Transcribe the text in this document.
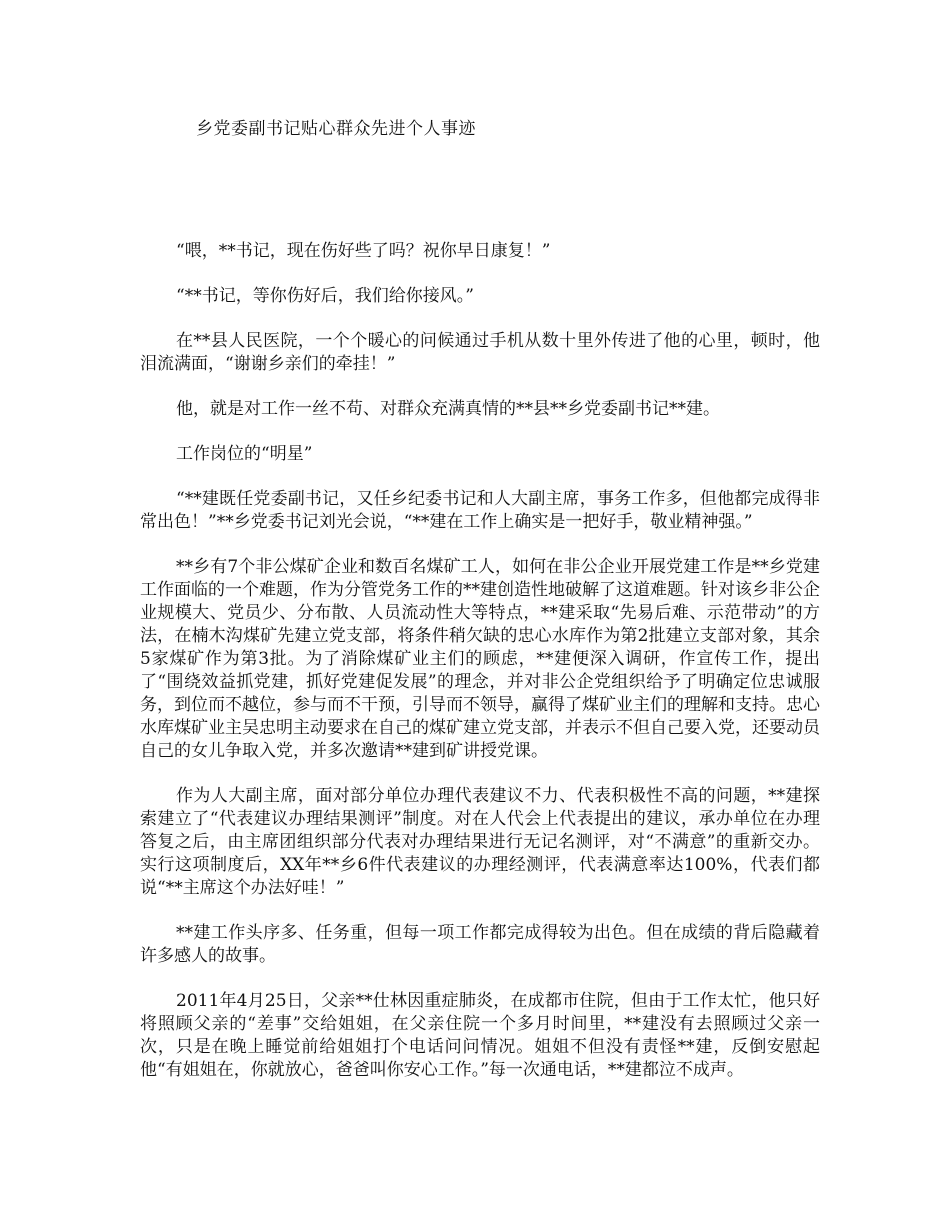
乡党委副书记贴心群众先进个人事迹

“喂，**书记，现在伤好些了吗？祝你早日康复！”

“**书记，等你伤好后，我们给你接风。”

在**县人民医院，一个个暖心的问候通过手机从数十里外传进了他的心里，顿时，他泪流满面，“谢谢乡亲们的牵挂！”

他，就是对工作一丝不苟、对群众充满真情的**县**乡党委副书记**建。

工作岗位的“明星”

“**建既任党委副书记，又任乡纪委书记和人大副主席，事务工作多，但他都完成得非常出色！”**乡党委书记刘光会说，“**建在工作上确实是一把好手，敬业精神强。”

**乡有7个非公煤矿企业和数百名煤矿工人，如何在非公企业开展党建工作是**乡党建工作面临的一个难题，作为分管党务工作的**建创造性地破解了这道难题。针对该乡非公企业规模大、党员少、分布散、人员流动性大等特点，**建采取“先易后难、示范带动”的方法，在楠木沟煤矿先建立党支部，将条件稍欠缺的忠心水库作为第2批建立支部对象，其余5家煤矿作为第3批。为了消除煤矿业主们的顾虑，**建便深入调研，作宣传工作，提出了“围绕效益抓党建，抓好党建促发展”的理念，并对非公企党组织给予了明确定位忠诚服务，到位而不越位，参与而不干预，引导而不领导，赢得了煤矿业主们的理解和支持。忠心水库煤矿业主吴忠明主动要求在自己的煤矿建立党支部，并表示不但自己要入党，还要动员自己的女儿争取入党，并多次邀请**建到矿讲授党课。

作为人大副主席，面对部分单位办理代表建议不力、代表积极性不高的问题，**建探索建立了“代表建议办理结果测评”制度。对在人代会上代表提出的建议，承办单位在办理答复之后，由主席团组织部分代表对办理结果进行无记名测评，对“不满意”的重新交办。实行这项制度后，XX年**乡6件代表建议的办理经测评，代表满意率达100%，代表们都说“**主席这个办法好哇！”

**建工作头序多、任务重，但每一项工作都完成得较为出色。但在成绩的背后隐藏着许多感人的故事。

2011年4月25日，父亲**仕林因重症肺炎，在成都市住院，但由于工作太忙，他只好将照顾父亲的“差事”交给姐姐，在父亲住院一个多月时间里，**建没有去照顾过父亲一次，只是在晚上睡觉前给姐姐打个电话问问情况。姐姐不但没有责怪**建，反倒安慰起他“有姐姐在，你就放心，爸爸叫你安心工作。”每一次通电话，**建都泣不成声。
